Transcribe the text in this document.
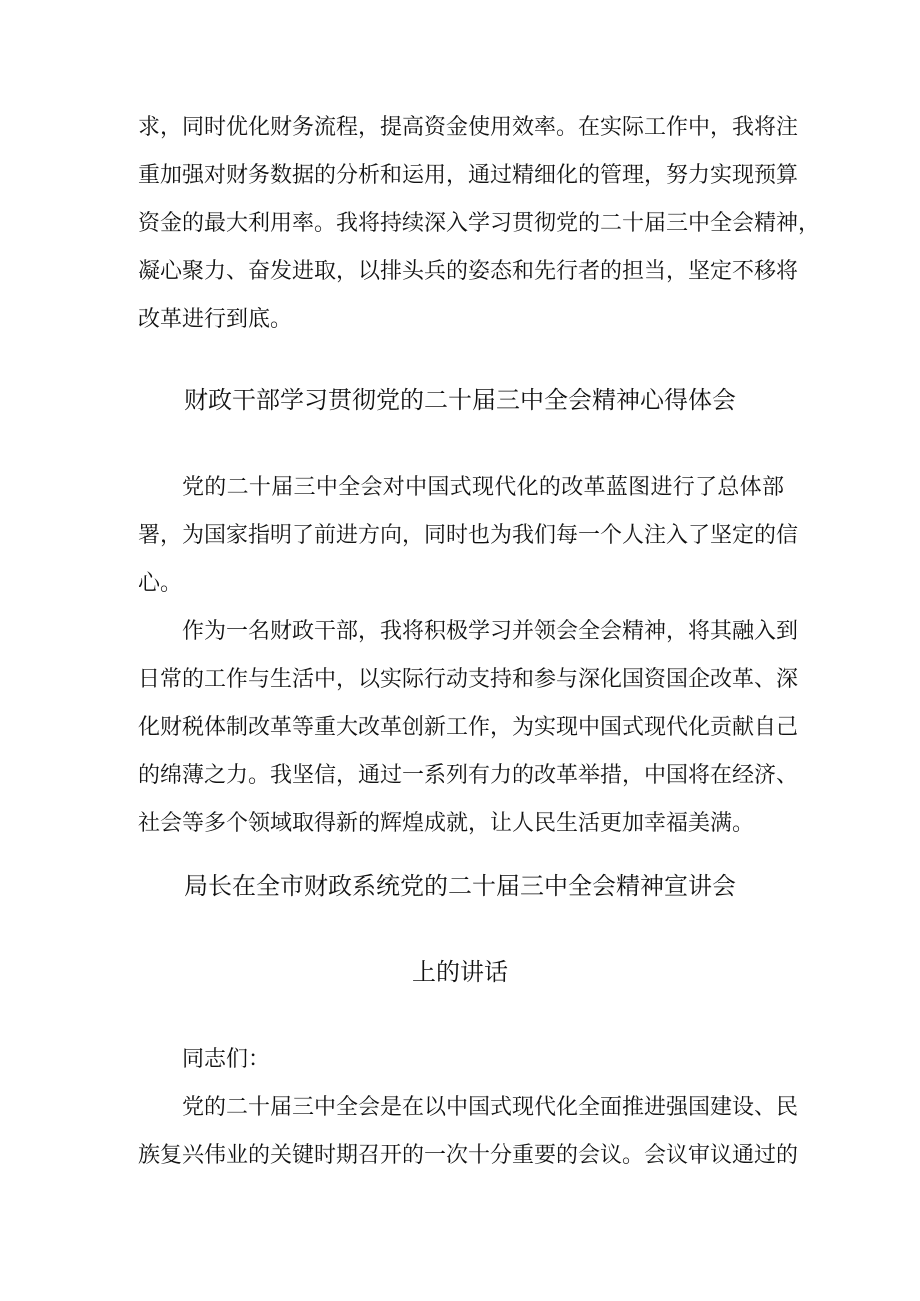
求，同时优化财务流程，提高资金使用效率。在实际工作中，我将注
重加强对财务数据的分析和运用，通过精细化的管理，努力实现预算
资金的最大利用率。我将持续深入学习贯彻党的二十届三中全会精神，
凝心聚力、奋发进取，以排头兵的姿态和先行者的担当，坚定不移将
改革进行到底。
财政干部学习贯彻党的二十届三中全会精神心得体会
党的二十届三中全会对中国式现代化的改革蓝图进行了总体部
署，为国家指明了前进方向，同时也为我们每一个人注入了坚定的信
心。
作为一名财政干部，我将积极学习并领会全会精神，将其融入到
日常的工作与生活中，以实际行动支持和参与深化国资国企改革、深
化财税体制改革等重大改革创新工作，为实现中国式现代化贡献自己
的绵薄之力。我坚信，通过一系列有力的改革举措，中国将在经济、
社会等多个领域取得新的辉煌成就，让人民生活更加幸福美满。
局长在全市财政系统党的二十届三中全会精神宣讲会
上的讲话
同志们：
党的二十届三中全会是在以中国式现代化全面推进强国建设、民
族复兴伟业的关键时期召开的一次十分重要的会议。会议审议通过的
